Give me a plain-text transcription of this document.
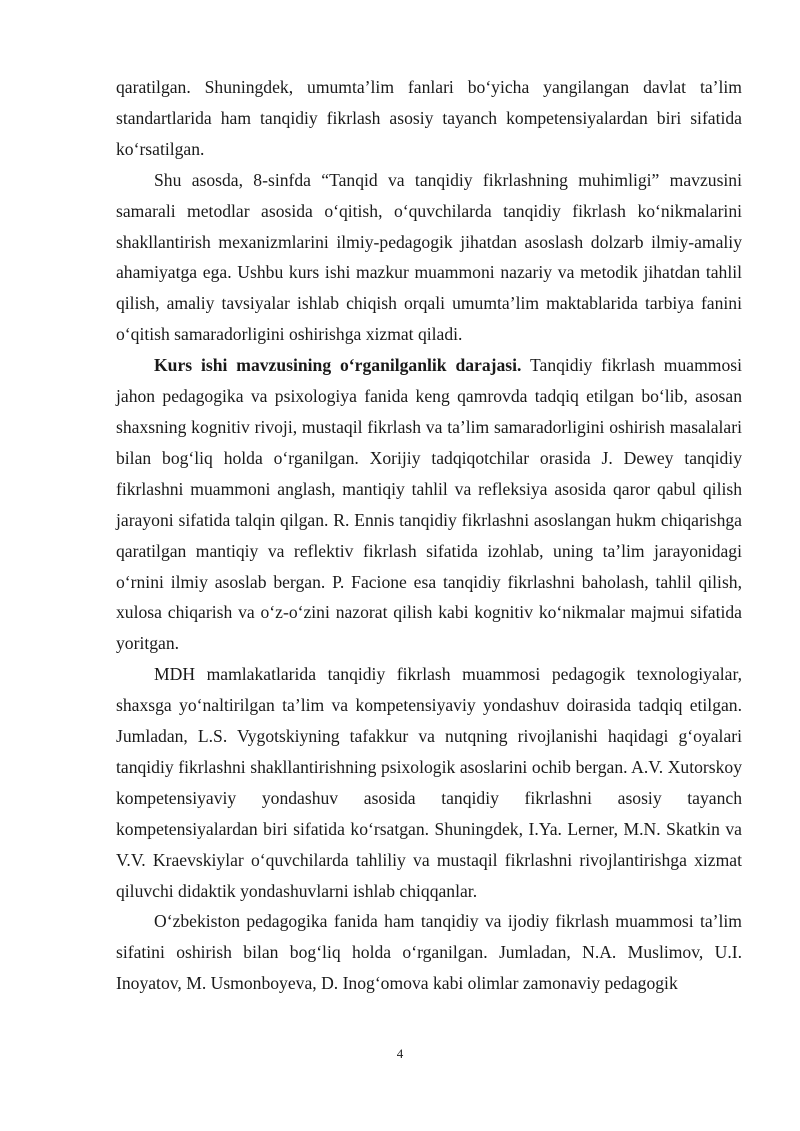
qaratilgan. Shuningdek, umumta’lim fanlari bo‘yicha yangilangan davlat ta’lim standartlarida ham tanqidiy fikrlash asosiy tayanch kompetensiyalardan biri sifatida ko‘rsatilgan.

Shu asosda, 8-sinfda “Tanqid va tanqidiy fikrlashning muhimligi” mavzusini samarali metodlar asosida o‘qitish, o‘quvchilarda tanqidiy fikrlash ko‘nikmalarini shakllantirish mexanizmlarini ilmiy-pedagogik jihatdan asoslash dolzarb ilmiy-amaliy ahamiyatga ega. Ushbu kurs ishi mazkur muammoni nazariy va metodik jihatdan tahlil qilish, amaliy tavsiyalar ishlab chiqish orqali umumta’lim maktablarida tarbiya fanini o‘qitish samaradorligini oshirishga xizmat qiladi.

Kurs ishi mavzusining o‘rganilganlik darajasi. Tanqidiy fikrlash muammosi jahon pedagogika va psixologiya fanida keng qamrovda tadqiq etilgan bo‘lib, asosan shaxsning kognitiv rivoji, mustaqil fikrlash va ta’lim samaradorligini oshirish masalalari bilan bog‘liq holda o‘rganilgan. Xorijiy tadqiqotchilar orasida J. Dewey tanqidiy fikrlashni muammoni anglash, mantiqiy tahlil va refleksiya asosida qaror qabul qilish jarayoni sifatida talqin qilgan. R. Ennis tanqidiy fikrlashni asoslangan hukm chiqarishga qaratilgan mantiqiy va reflektiv fikrlash sifatida izohlab, uning ta’lim jarayonidagi o‘rnini ilmiy asoslab bergan. P. Facione esa tanqidiy fikrlashni baholash, tahlil qilish, xulosa chiqarish va o‘z-o‘zini nazorat qilish kabi kognitiv ko‘nikmalar majmui sifatida yoritgan.

MDH mamlakatlarida tanqidiy fikrlash muammosi pedagogik texnologiyalar, shaxsga yo‘naltirilgan ta’lim va kompetensiyaviy yondashuv doirasida tadqiq etilgan. Jumladan, L.S. Vygotskiyning tafakkur va nutqning rivojlanishi haqidagi g‘oyalari tanqidiy fikrlashni shakllantirishning psixologik asoslarini ochib bergan. A.V. Xutorskoy kompetensiyaviy yondashuv asosida tanqidiy fikrlashni asosiy tayanch kompetensiyalardan biri sifatida ko‘rsatgan. Shuningdek, I.Ya. Lerner, M.N. Skatkin va V.V. Kraevskiylar o‘quvchilarda tahliliy va mustaqil fikrlashni rivojlantirishga xizmat qiluvchi didaktik yondashuvlarni ishlab chiqqanlar.

O‘zbekiston pedagogika fanida ham tanqidiy va ijodiy fikrlash muammosi ta’lim sifatini oshirish bilan bog‘liq holda o‘rganilgan. Jumladan, N.A. Muslimov, U.I. Inoyatov, M. Usmonboyeva, D. Inog‘omova kabi olimlar zamonaviy pedagogik

4
